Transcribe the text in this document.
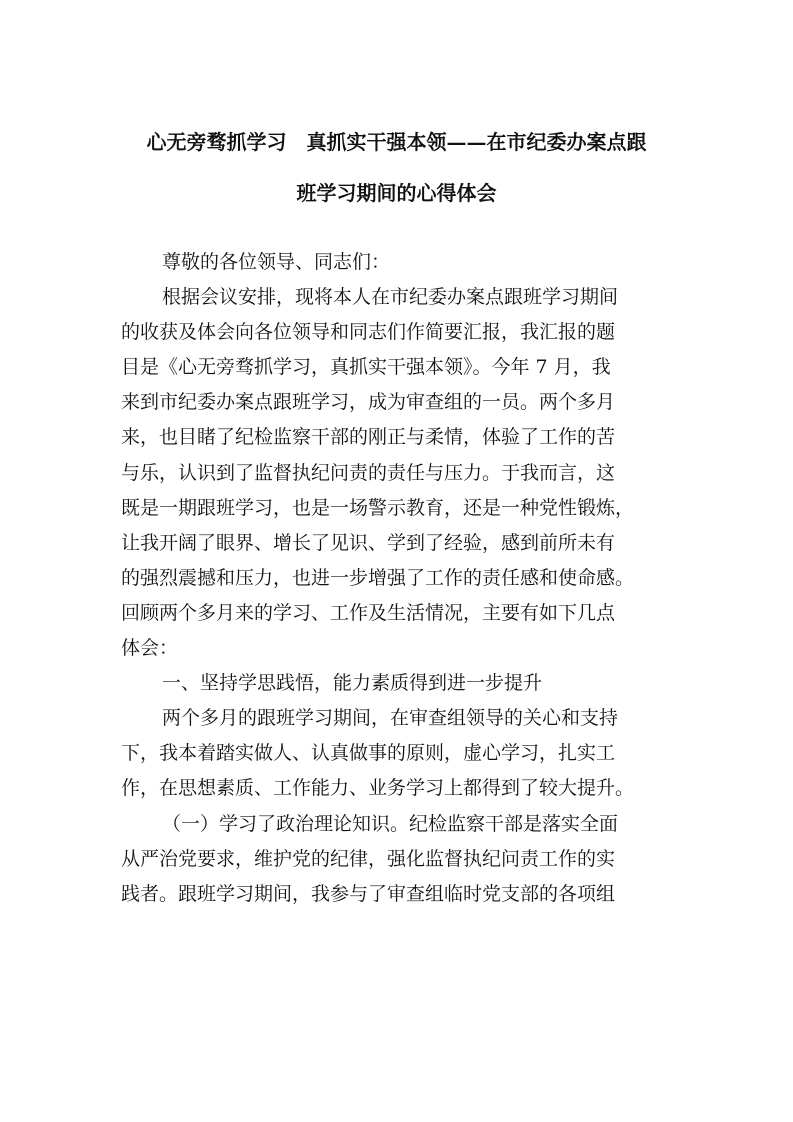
心无旁骛抓学习　真抓实干强本领——在市纪委办案点跟
班学习期间的心得体会
尊敬的各位领导、同志们：
根据会议安排，现将本人在市纪委办案点跟班学习期间
的收获及体会向各位领导和同志们作简要汇报，我汇报的题
目是《心无旁骛抓学习，真抓实干强本领》。今年 7 月，我
来到市纪委办案点跟班学习，成为审查组的一员。两个多月
来，也目睹了纪检监察干部的刚正与柔情，体验了工作的苦
与乐，认识到了监督执纪问责的责任与压力。于我而言，这
既是一期跟班学习，也是一场警示教育，还是一种党性锻炼，
让我开阔了眼界、增长了见识、学到了经验，感到前所未有
的强烈震撼和压力，也进一步增强了工作的责任感和使命感。
回顾两个多月来的学习、工作及生活情况，主要有如下几点
体会：
一、坚持学思践悟，能力素质得到进一步提升
两个多月的跟班学习期间，在审查组领导的关心和支持
下，我本着踏实做人、认真做事的原则，虚心学习，扎实工
作，在思想素质、工作能力、业务学习上都得到了较大提升。
（一）学习了政治理论知识。纪检监察干部是落实全面
从严治党要求，维护党的纪律，强化监督执纪问责工作的实
践者。跟班学习期间，我参与了审查组临时党支部的各项组
